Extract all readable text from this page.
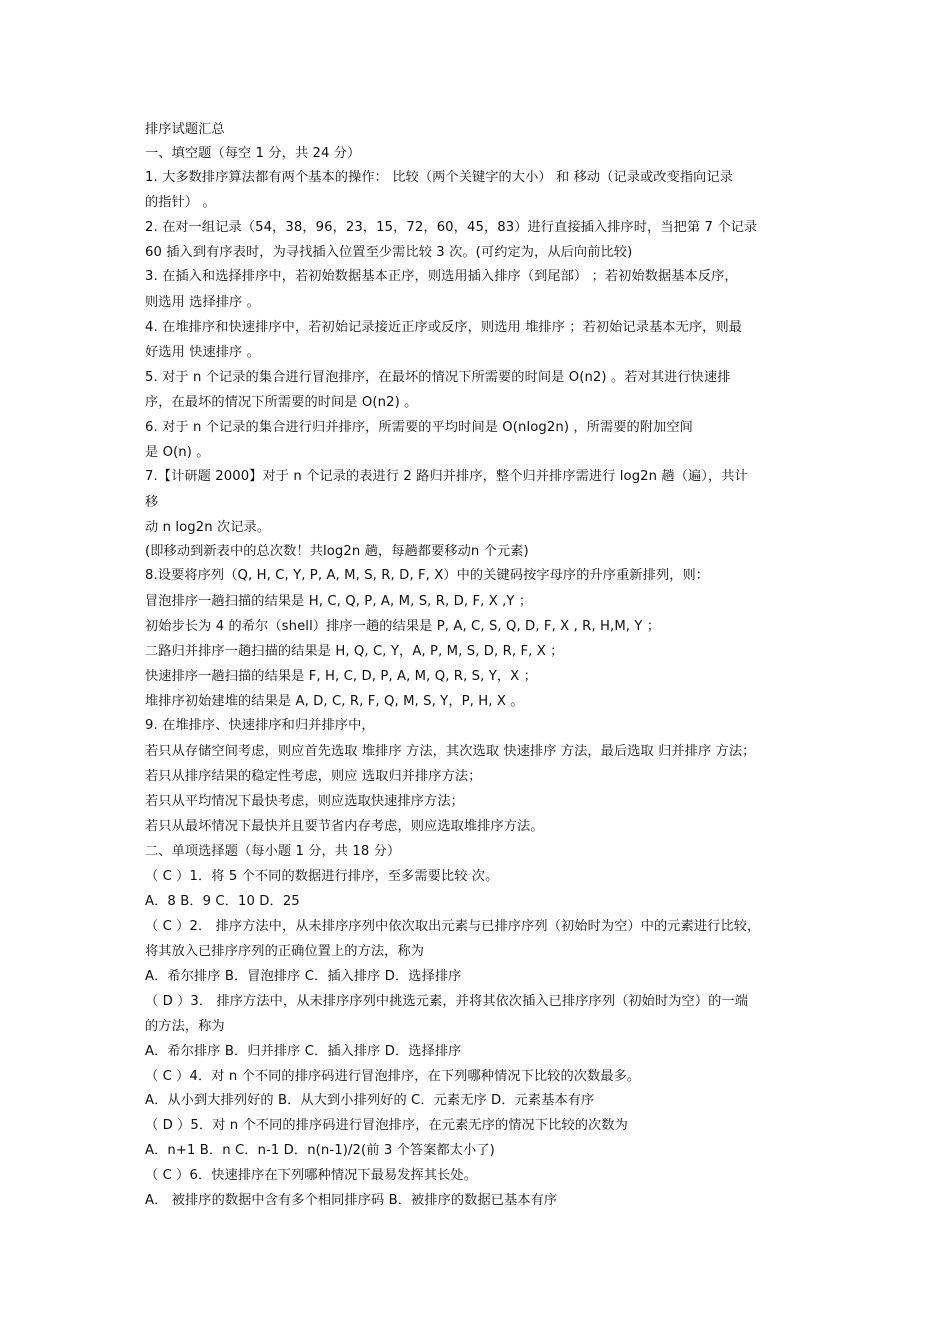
排序试题汇总
一、填空题（每空 1 分，共 24 分）
1. 大多数排序算法都有两个基本的操作： 比较（两个关键字的大小） 和 移动（记录或改变指向记录
的指针） 。
2. 在对一组记录（54，38，96，23，15，72，60，45，83）进行直接插入排序时，当把第 7 个记录
60 插入到有序表时，为寻找插入位置至少需比较 3 次。(可约定为，从后向前比较)
3. 在插入和选择排序中，若初始数据基本正序，则选用插入排序（到尾部） ；若初始数据基本反序，
则选用 选择排序 。
4. 在堆排序和快速排序中，若初始记录接近正序或反序，则选用 堆排序 ；若初始记录基本无序，则最
好选用 快速排序 。
5. 对于 n 个记录的集合进行冒泡排序，在最坏的情况下所需要的时间是 O(n2) 。若对其进行快速排
序，在最坏的情况下所需要的时间是 O(n2) 。
6. 对于 n 个记录的集合进行归并排序，所需要的平均时间是 O(nlog2n) ，所需要的附加空间
是 O(n) 。
7.【计研题 2000】对于 n 个记录的表进行 2 路归并排序，整个归并排序需进行 log2n 趟（遍），共计
移
动 n log2n 次记录。
(即移动到新表中的总次数！共log2n 趟，每趟都要移动n 个元素)
8.设要将序列（Q, H, C, Y, P, A, M, S, R, D, F, X）中的关键码按字母序的升序重新排列，则：
冒泡排序一趟扫描的结果是 H, C, Q, P, A, M, S, R, D, F, X ,Y ；
初始步长为 4 的希尔（shell）排序一趟的结果是 P, A, C, S, Q, D, F, X , R, H,M, Y ；
二路归并排序一趟扫描的结果是 H, Q, C, Y，A, P, M, S, D, R, F, X ；
快速排序一趟扫描的结果是 F, H, C, D, P, A, M, Q, R, S, Y，X ；
堆排序初始建堆的结果是 A, D, C, R, F, Q, M, S, Y，P, H, X 。
9. 在堆排序、快速排序和归并排序中，
若只从存储空间考虑，则应首先选取 堆排序 方法，其次选取 快速排序 方法，最后选取 归并排序 方法；
若只从排序结果的稳定性考虑，则应 选取归并排序方法；
若只从平均情况下最快考虑，则应选取快速排序方法；
若只从最坏情况下最快并且要节省内存考虑，则应选取堆排序方法。
二、单项选择题（每小题 1 分，共 18 分）
（ C ）1．将 5 个不同的数据进行排序，至多需要比较 次。
A．8 B．9 C．10 D．25
（ C ）2． 排序方法中，从未排序序列中依次取出元素与已排序序列（初始时为空）中的元素进行比较，
将其放入已排序序列的正确位置上的方法，称为
A．希尔排序 B．冒泡排序 C．插入排序 D．选择排序
（ D ）3． 排序方法中，从未排序序列中挑选元素，并将其依次插入已排序序列（初始时为空）的一端
的方法，称为
A．希尔排序 B．归并排序 C．插入排序 D．选择排序
（ C ）4．对 n 个不同的排序码进行冒泡排序，在下列哪种情况下比较的次数最多。
A．从小到大排列好的 B．从大到小排列好的 C．元素无序 D．元素基本有序
（ D ）5．对 n 个不同的排序码进行冒泡排序，在元素无序的情况下比较的次数为
A．n+1 B．n C．n-1 D．n(n-1)/2(前 3 个答案都太小了)
（ C ）6．快速排序在下列哪种情况下最易发挥其长处。
A． 被排序的数据中含有多个相同排序码 B．被排序的数据已基本有序
